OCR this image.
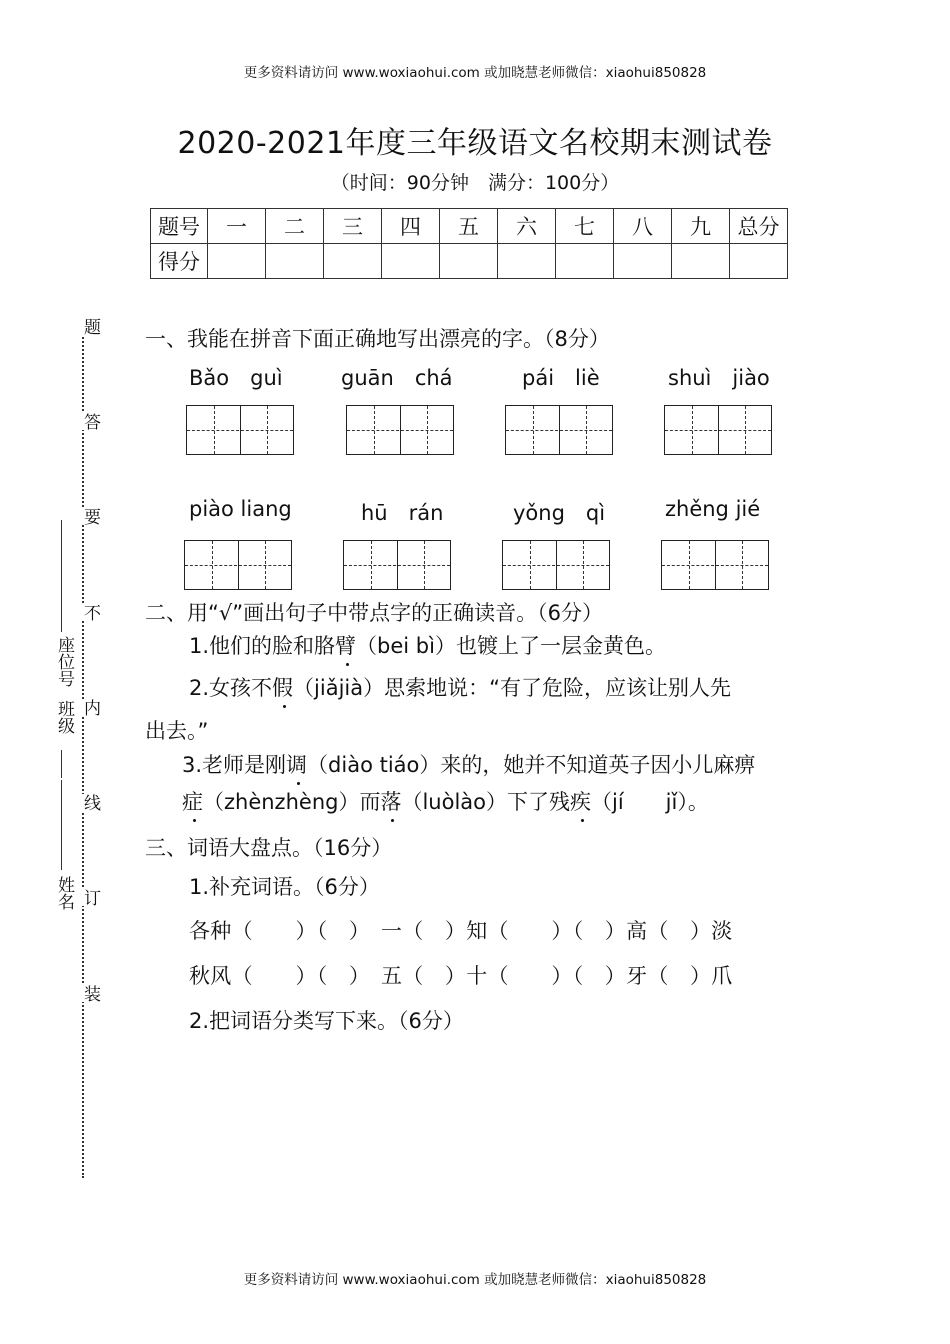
更多资料请访问 www.woxiaohui.com 或加晓慧老师微信：xiaohui850828
2020-2021年度三年级语文名校期末测试卷
（时间：90分钟　满分：100分）
题号	一	二	三	四	五	六	七	八	九	总分
得分										
姓名
班级
座位号
题
答
要
不
内
线
订
装
一、我能在拼音下面正确地写出漂亮的字。（8分）
Bǎo　guì	guān　chá	pái　liè	shuì　jiào
piào liang	hū　rán	yǒng　qì	zhěng jié
二、用“√”画出句子中带点字的正确读音。（6分）
1.他们的脸和胳臂（bei bì）也镀上了一层金黄色。
2.女孩不假（jiǎjià）思索地说：“有了危险，应该让别人先
出去。”
3.老师是刚调（diào tiáo）来的，她并不知道英子因小儿麻痹
症（zhènzhèng）而落（luòlào）下了残疾（jí　　jǐ）。
三、词语大盘点。（16分）
1.补充词语。（6分）
各种（　　）（　）　一（　）知（　　）（　）高（　）淡
秋风（　　）（　）　五（　）十（　　）（　）牙（　）爪
2.把词语分类写下来。（6分）
更多资料请访问 www.woxiaohui.com 或加晓慧老师微信：xiaohui850828
